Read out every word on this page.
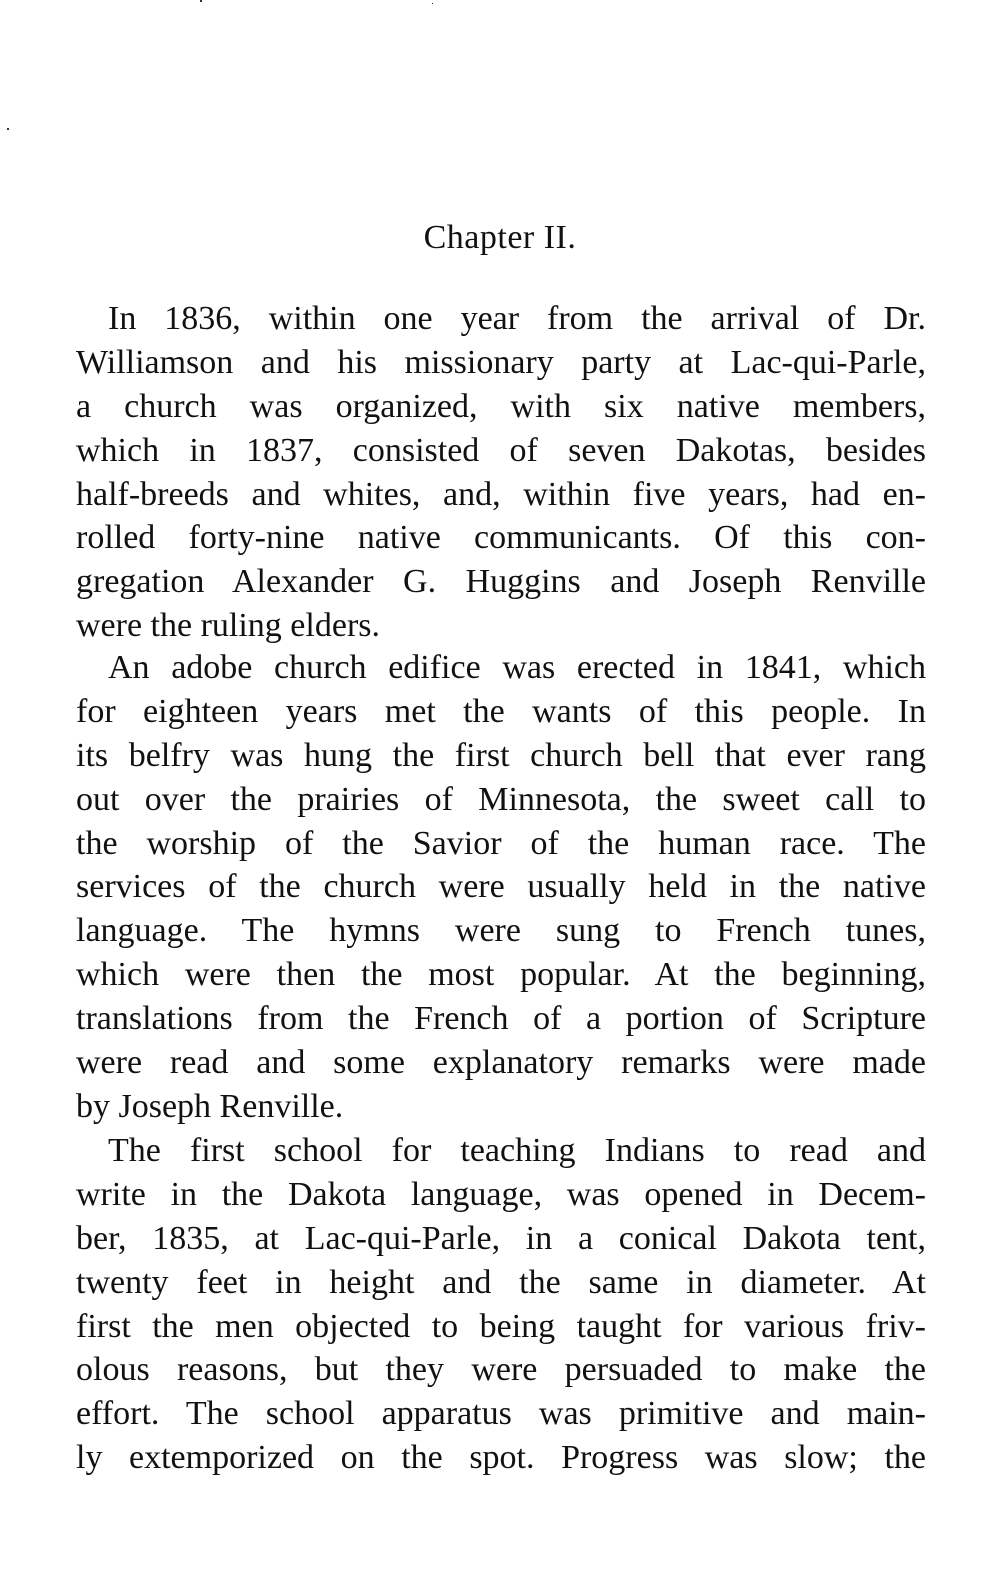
Chapter II.
In 1836, within one year from the arrival of Dr.
Williamson and his missionary party at Lac-qui-Parle,
a church was organized, with six native members,
which in 1837, consisted of seven Dakotas, besides
half-breeds and whites, and, within five years, had en-
rolled forty-nine native communicants. Of this con-
gregation Alexander G. Huggins and Joseph Renville
were the ruling elders.
An adobe church edifice was erected in 1841, which
for eighteen years met the wants of this people. In
its belfry was hung the first church bell that ever rang
out over the prairies of Minnesota, the sweet call to
the worship of the Savior of the human race. The
services of the church were usually held in the native
language. The hymns were sung to French tunes,
which were then the most popular. At the beginning,
translations from the French of a portion of Scripture
were read and some explanatory remarks were made
by Joseph Renville.
The first school for teaching Indians to read and
write in the Dakota language, was opened in Decem-
ber, 1835, at Lac-qui-Parle, in a conical Dakota tent,
twenty feet in height and the same in diameter. At
first the men objected to being taught for various friv-
olous reasons, but they were persuaded to make the
effort. The school apparatus was primitive and main-
ly extemporized on the spot. Progress was slow; the
